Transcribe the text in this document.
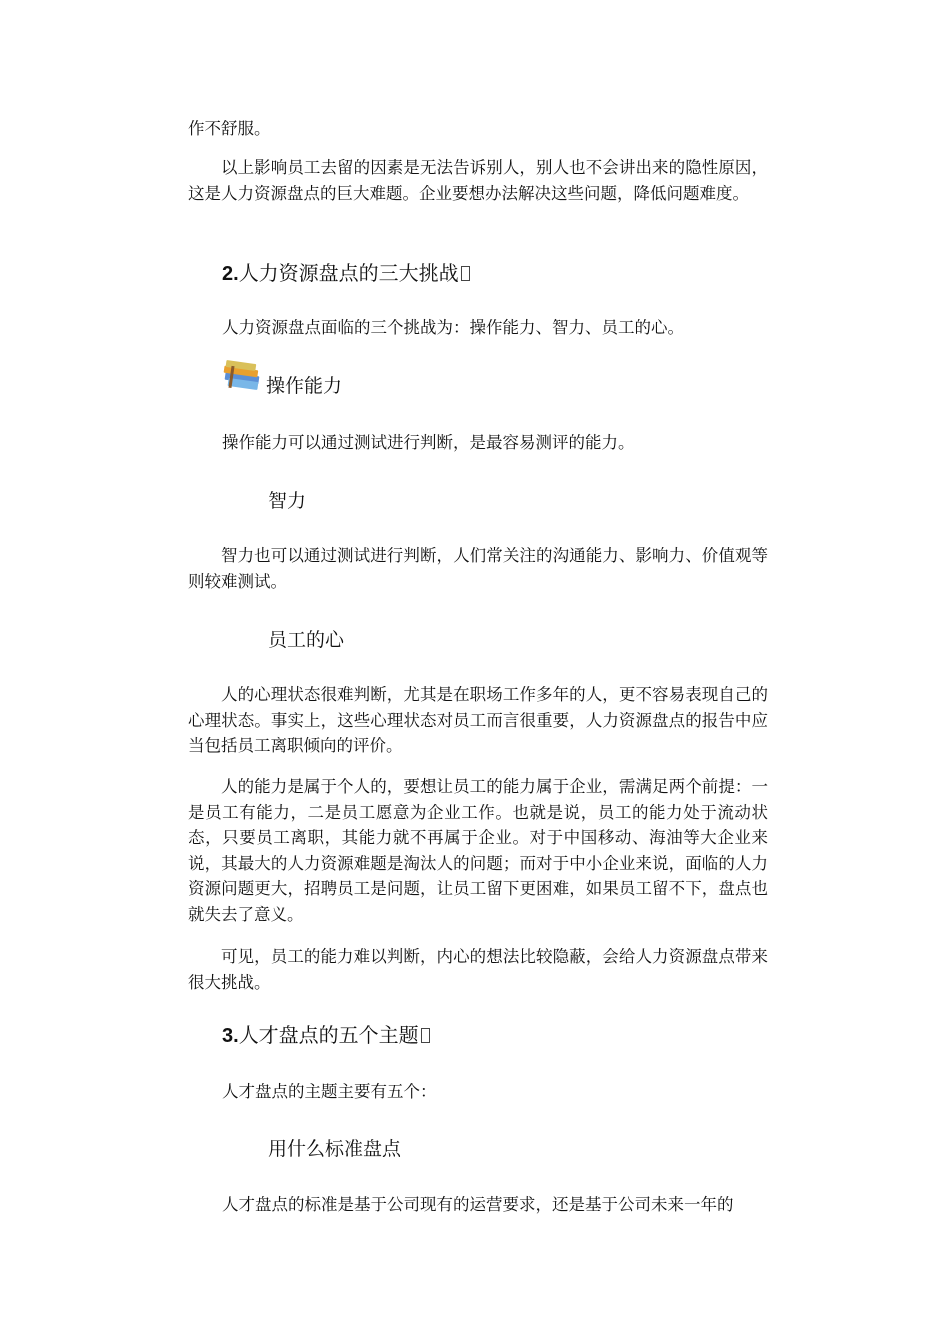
作不舒服。

以上影响员工去留的因素是无法告诉别人，别人也不会讲出来的隐性原因，这是人力资源盘点的巨大难题。企业要想办法解决这些问题，降低问题难度。

2.人力资源盘点的三大挑战
人力资源盘点面临的三个挑战为：操作能力、智力、员工的心。
操作能力
操作能力可以通过测试进行判断，是最容易测评的能力。
智力

智力也可以通过测试进行判断，人们常关注的沟通能力、影响力、价值观等则较难测试。

员工的心

人的心理状态很难判断，尤其是在职场工作多年的人，更不容易表现自己的心理状态。事实上，这些心理状态对员工而言很重要，人力资源盘点的报告中应当包括员工离职倾向的评价。

人的能力是属于个人的，要想让员工的能力属于企业，需满足两个前提：一是员工有能力，二是员工愿意为企业工作。也就是说，员工的能力处于流动状态，只要员工离职，其能力就不再属于企业。对于中国移动、海油等大企业来说，其最大的人力资源难题是淘汰人的问题；而对于中小企业来说，面临的人力资源问题更大，招聘员工是问题，让员工留下更困难，如果员工留不下，盘点也就失去了意义。

可见，员工的能力难以判断，内心的想法比较隐蔽，会给人力资源盘点带来很大挑战。

3.人才盘点的五个主题
人才盘点的主题主要有五个：
用什么标准盘点
人才盘点的标准是基于公司现有的运营要求，还是基于公司未来一年的
